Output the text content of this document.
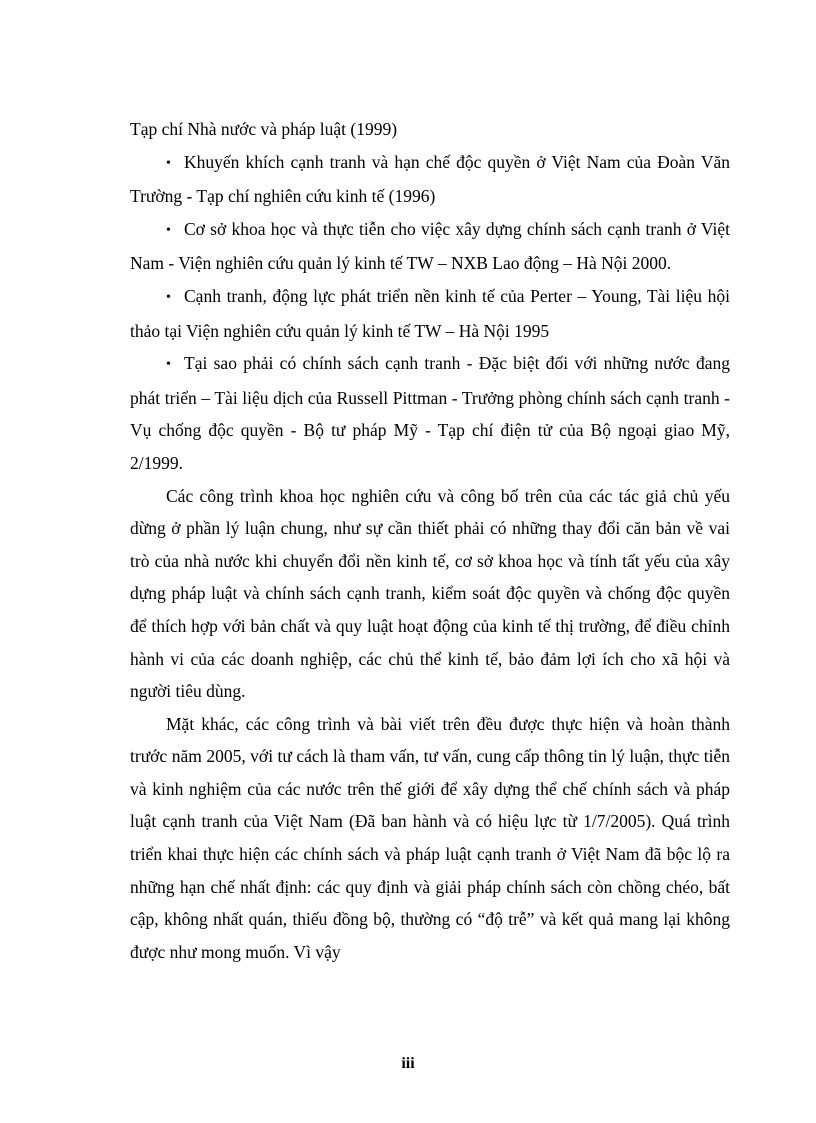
Tạp chí Nhà nước và pháp luật (1999)

• Khuyến khích cạnh tranh và hạn chế độc quyền ở Việt Nam của Đoàn Văn Trường - Tạp chí nghiên cứu kinh tế (1996)

• Cơ sở khoa học và thực tiễn cho việc xây dựng chính sách cạnh tranh ở Việt Nam - Viện nghiên cứu quản lý kinh tế TW – NXB Lao động – Hà Nội 2000.

• Cạnh tranh, động lực phát triển nền kinh tế của Perter – Young, Tài liệu hội thảo tại Viện nghiên cứu quản lý kinh tế TW – Hà Nội 1995

• Tại sao phải có chính sách cạnh tranh - Đặc biệt đối với những nước đang phát triển – Tài liệu dịch của Russell Pittman - Trưởng phòng chính sách cạnh tranh - Vụ chống độc quyền - Bộ tư pháp Mỹ - Tạp chí điện tử của Bộ ngoại giao Mỹ, 2/1999.

Các công trình khoa học nghiên cứu và công bố trên của các tác giả chủ yếu dừng ở phần lý luận chung, như sự cần thiết phải có những thay đổi căn bản về vai trò của nhà nước khi chuyển đổi nền kinh tế, cơ sở khoa học và tính tất yếu của xây dựng pháp luật và chính sách cạnh tranh, kiểm soát độc quyền và chống độc quyền để thích hợp với bản chất và quy luật hoạt động của kinh tế thị trường, để điều chỉnh hành vi của các doanh nghiệp, các chủ thể kinh tế, bảo đảm lợi ích cho xã hội và người tiêu dùng.

Mặt khác, các công trình và bài viết trên đều được thực hiện và hoàn thành trước năm 2005, với tư cách là tham vấn, tư vấn, cung cấp thông tin lý luận, thực tiễn và kinh nghiệm của các nước trên thế giới để xây dựng thể chế chính sách và pháp luật cạnh tranh của Việt Nam (Đã ban hành và có hiệu lực từ 1/7/2005). Quá trình triển khai thực hiện các chính sách và pháp luật cạnh tranh ở Việt Nam đã bộc lộ ra những hạn chế nhất định: các quy định và giải pháp chính sách còn chồng chéo, bất cập, không nhất quán, thiếu đồng bộ, thường có “độ trễ” và kết quả mang lại không được như mong muốn. Vì vậy

iii
